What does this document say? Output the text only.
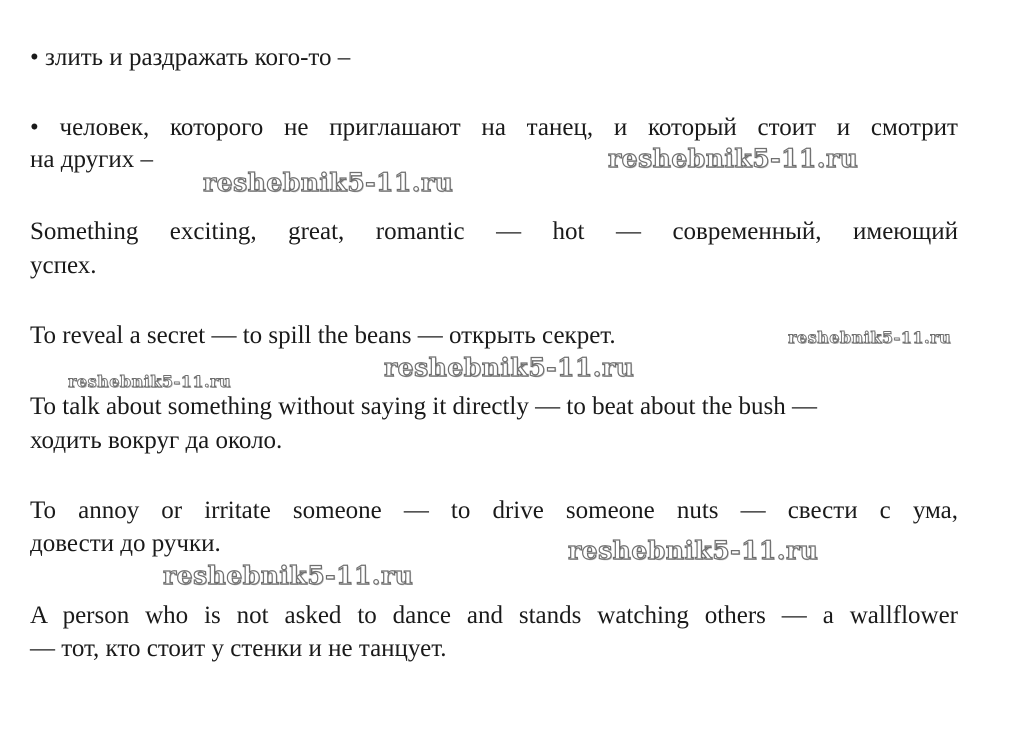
• злить и раздражать кого-то –
• человек, которого не приглашают на танец, и который стоит и смотрит
на других –
Something exciting, great, romantic — hot — современный, имеющий
успех.
To reveal a secret — to spill the beans — открыть секрет.
To talk about something without saying it directly — to beat about the bush —
ходить вокруг да около.
To annoy or irritate someone — to drive someone nuts — свести с ума,
довести до ручки.
A person who is not asked to dance and stands watching others — a wallflower
— тот, кто стоит у стенки и не танцует.
reshebnik5-11.ru
reshebnik5-11.ru
reshebnik5-11.ru
reshebnik5-11.ru
reshebnik5-11.ru
reshebnik5-11.ru
reshebnik5-11.ru
